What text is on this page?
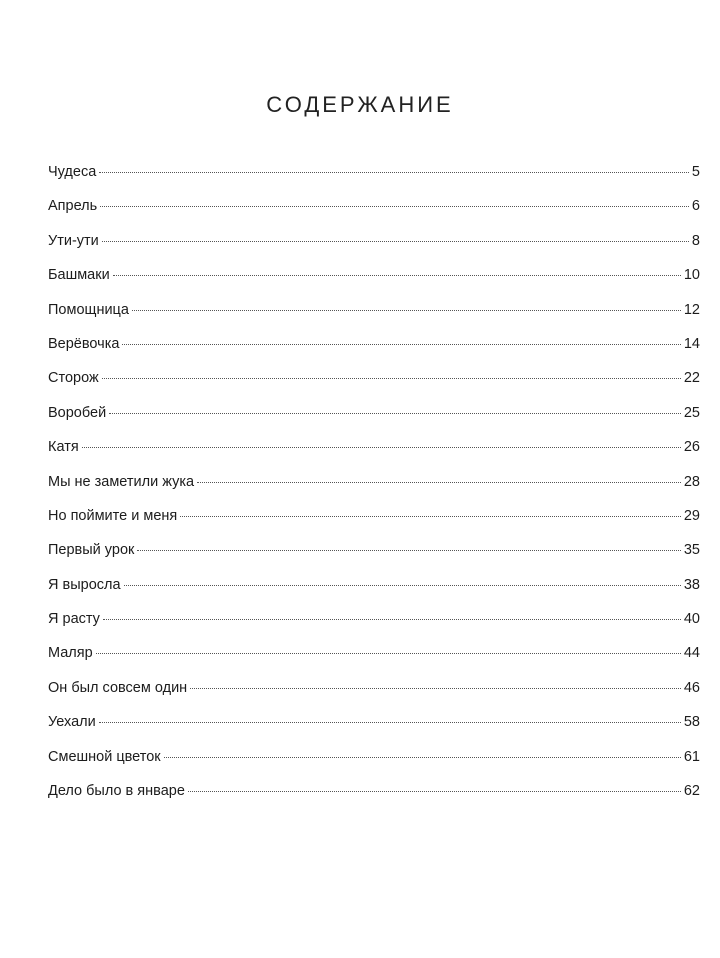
СОДЕРЖАНИЕ
Чудеса	5
Апрель	6
Ути-ути	8
Башмаки	10
Помощница	12
Верёвочка	14
Сторож	22
Воробей	25
Катя	26
Мы не заметили жука	28
Но поймите и меня	29
Первый урок	35
Я выросла	38
Я расту	40
Маляр	44
Он был совсем один	46
Уехали	58
Смешной цветок	61
Дело было в январе	62
